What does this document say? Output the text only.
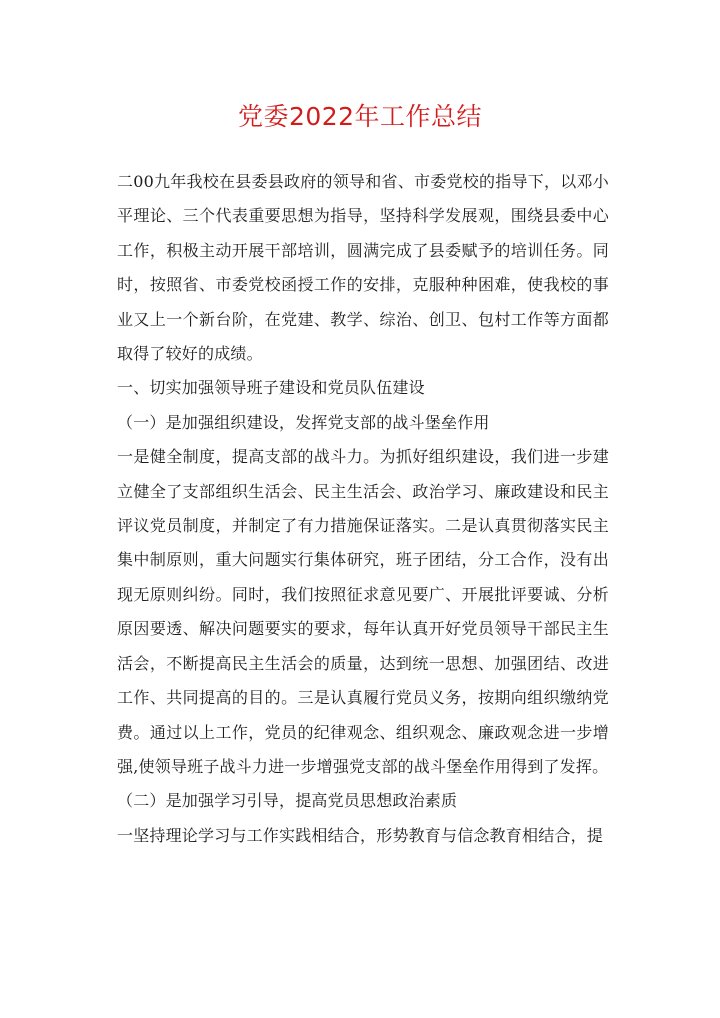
党委2022年工作总结

二00九年我校在县委县政府的领导和省、市委党校的指导下，以邓小平理论、三个代表重要思想为指导，坚持科学发展观，围绕县委中心工作，积极主动开展干部培训，圆满完成了县委赋予的培训任务。同时，按照省、市委党校函授工作的安排，克服种种困难，使我校的事业又上一个新台阶，在党建、教学、综治、创卫、包村工作等方面都取得了较好的成绩。

一、切实加强领导班子建设和党员队伍建设

（一）是加强组织建设，发挥党支部的战斗堡垒作用

一是健全制度，提高支部的战斗力。为抓好组织建设，我们进一步建立健全了支部组织生活会、民主生活会、政治学习、廉政建设和民主评议党员制度，并制定了有力措施保证落实。二是认真贯彻落实民主集中制原则，重大问题实行集体研究，班子团结，分工合作，没有出现无原则纠纷。同时，我们按照征求意见要广、开展批评要诚、分析原因要透、解决问题要实的要求，每年认真开好党员领导干部民主生活会，不断提高民主生活会的质量，达到统一思想、加强团结、改进工作、共同提高的目的。三是认真履行党员义务，按期向组织缴纳党费。通过以上工作，党员的纪律观念、组织观念、廉政观念进一步增强,使领导班子战斗力进一步增强党支部的战斗堡垒作用得到了发挥。

（二）是加强学习引导，提高党员思想政治素质

一坚持理论学习与工作实践相结合，形势教育与信念教育相结合，提
